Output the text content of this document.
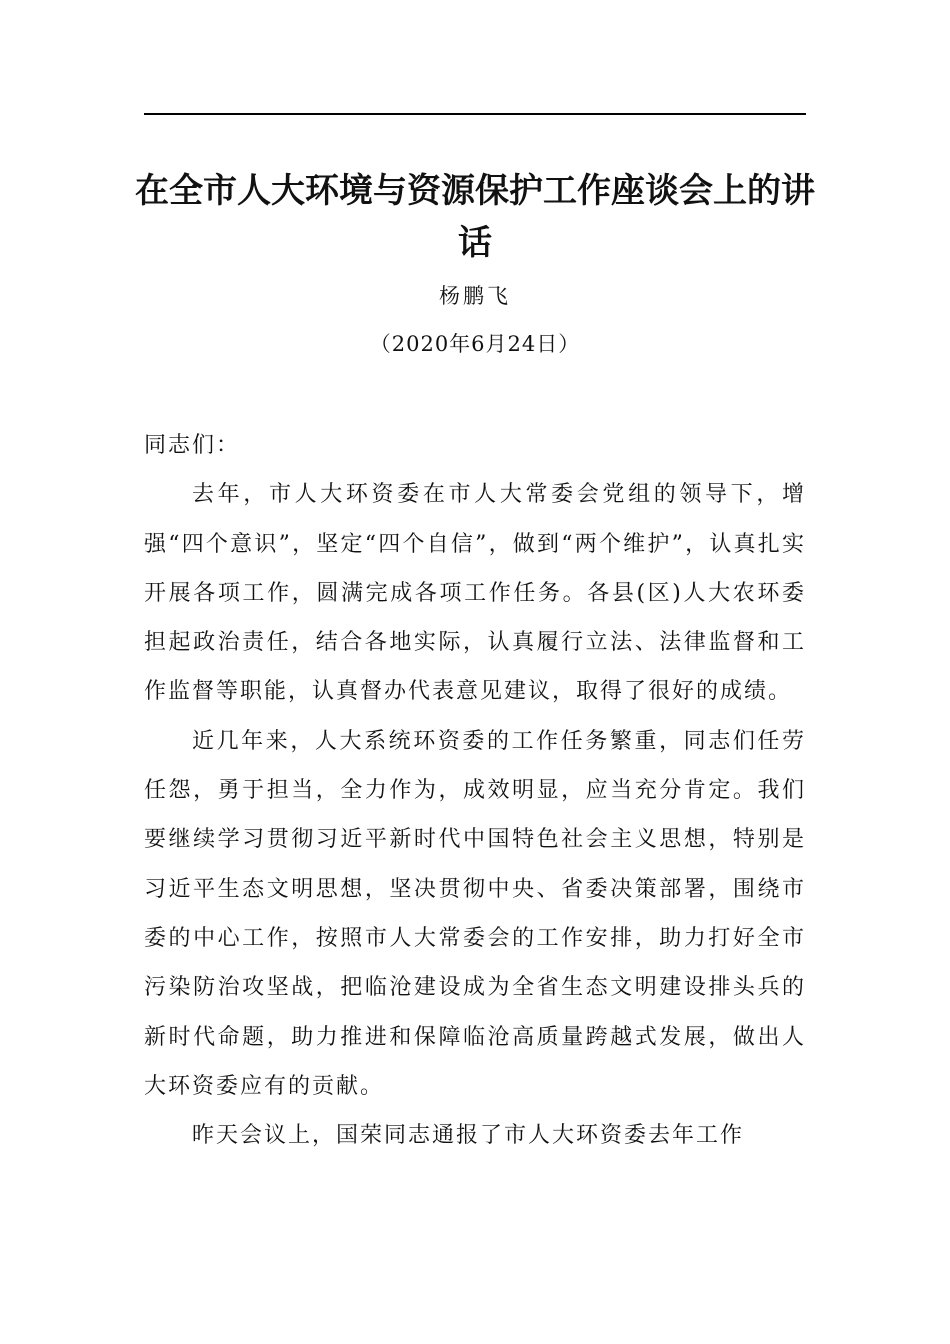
在全市人大环境与资源保护工作座谈会上的讲话
杨鹏飞
（2020年6月24日）

同志们：

去年，市人大环资委在市人大常委会党组的领导下，增强“四个意识”，坚定“四个自信”，做到“两个维护”，认真扎实开展各项工作，圆满完成各项工作任务。各县(区)人大农环委担起政治责任，结合各地实际，认真履行立法、法律监督和工作监督等职能，认真督办代表意见建议，取得了很好的成绩。

近几年来，人大系统环资委的工作任务繁重，同志们任劳任怨，勇于担当，全力作为，成效明显，应当充分肯定。我们要继续学习贯彻习近平新时代中国特色社会主义思想，特别是习近平生态文明思想，坚决贯彻中央、省委决策部署，围绕市委的中心工作，按照市人大常委会的工作安排，助力打好全市污染防治攻坚战，把临沧建设成为全省生态文明建设排头兵的新时代命题，助力推进和保障临沧高质量跨越式发展，做出人大环资委应有的贡献。

昨天会议上，国荣同志通报了市人大环资委去年工作
